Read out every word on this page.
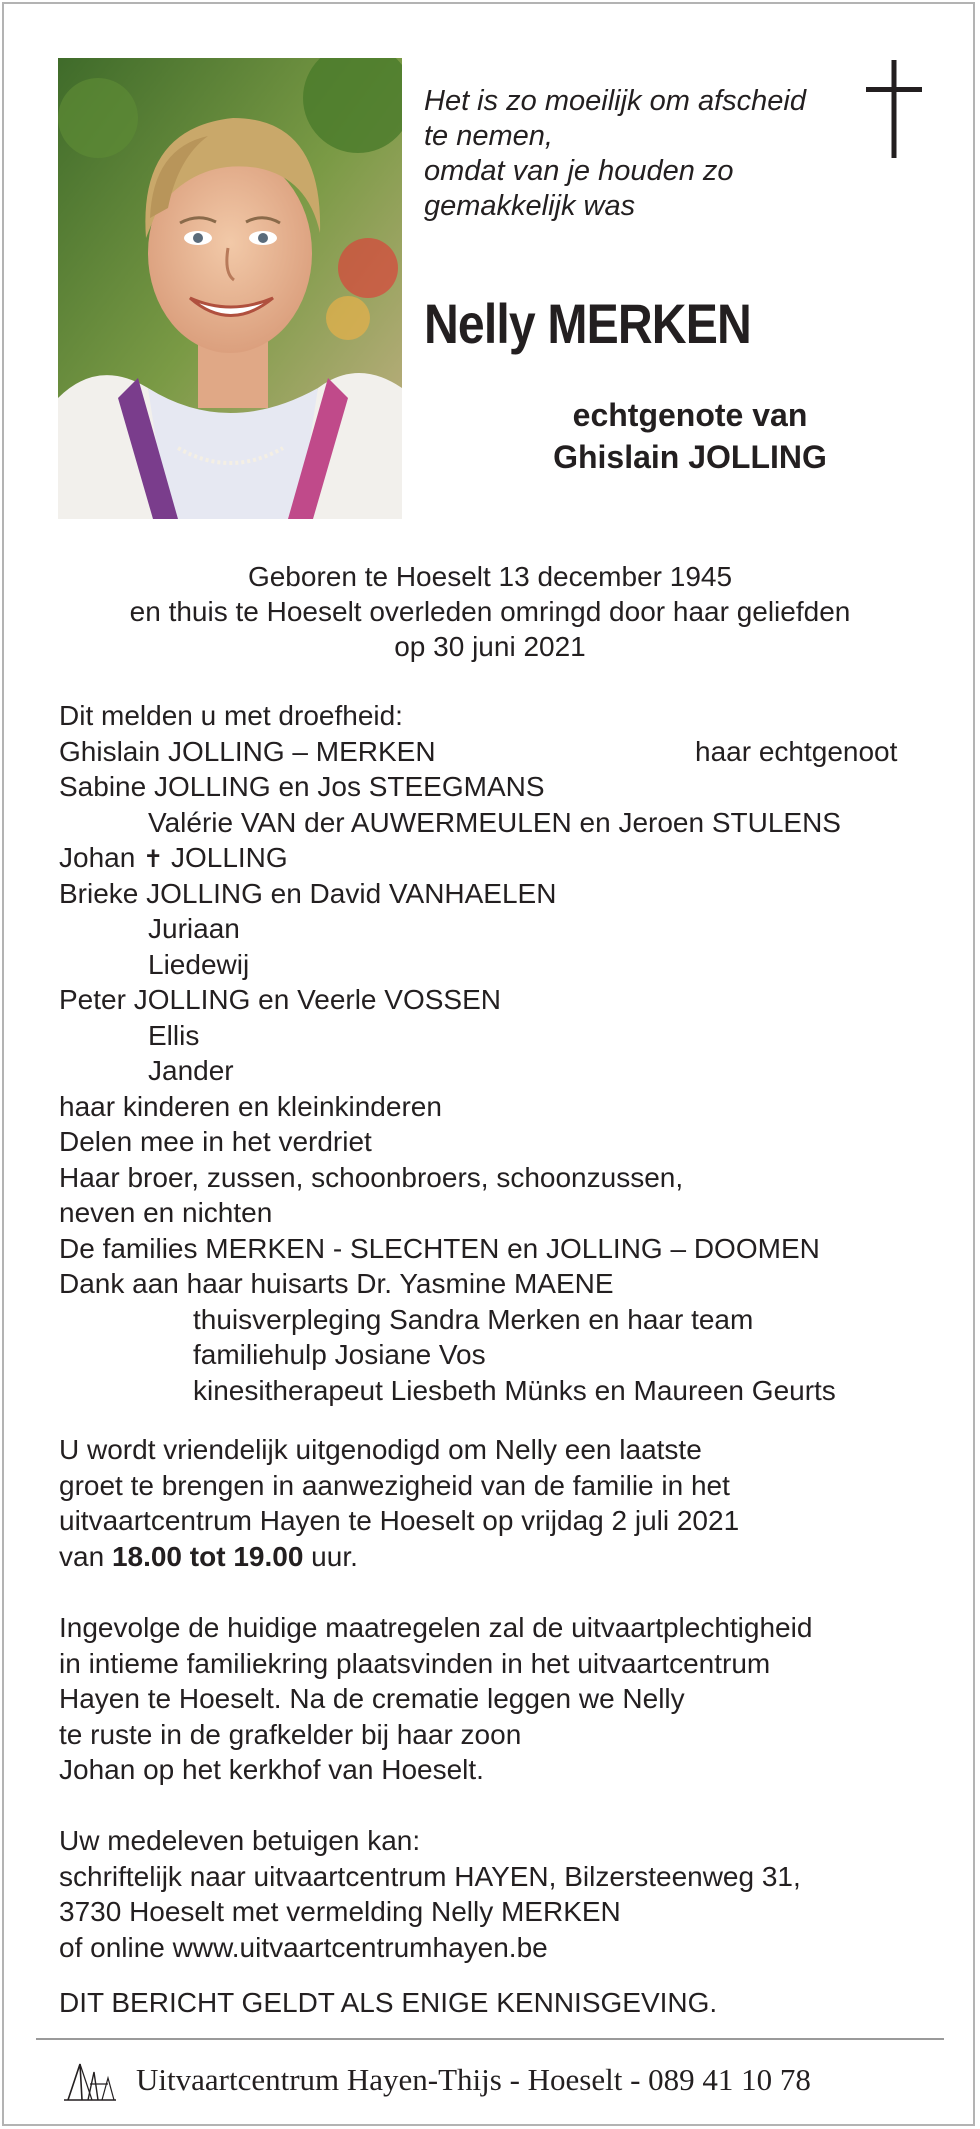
Het is zo moeilijk om afscheid
te nemen,
omdat van je houden zo
gemakkelijk was
Nelly MERKEN
echtgenote van
Ghislain JOLLING
Geboren te Hoeselt 13 december 1945
en thuis te Hoeselt overleden omringd door haar geliefden
op 30 juni 2021
Dit melden u met droefheid:
Ghislain JOLLING – MERKEN	haar echtgenoot
Sabine JOLLING en Jos STEEGMANS
Valérie VAN der AUWERMEULEN en Jeroen STULENS
Johan ✝ JOLLING
Brieke JOLLING en David VANHAELEN
Juriaan
Liedewij
Peter JOLLING en Veerle VOSSEN
Ellis
Jander
haar kinderen en kleinkinderen
Delen mee in het verdriet
Haar broer, zussen, schoonbroers, schoonzussen,
neven en nichten
De families MERKEN - SLECHTEN en JOLLING – DOOMEN
Dank aan haar huisarts Dr. Yasmine MAENE
thuisverpleging Sandra Merken en haar team
familiehulp Josiane Vos
kinesitherapeut Liesbeth Münks en Maureen Geurts
U wordt vriendelijk uitgenodigd om Nelly een laatste
groet te brengen in aanwezigheid van de familie in het
uitvaartcentrum Hayen te Hoeselt op vrijdag 2 juli 2021
van 18.00 tot 19.00 uur.
Ingevolge de huidige maatregelen zal de uitvaartplechtigheid
in intieme familiekring plaatsvinden in het uitvaartcentrum
Hayen te Hoeselt. Na de crematie leggen we Nelly
te ruste in de grafkelder bij haar zoon
Johan op het kerkhof van Hoeselt.
Uw medeleven betuigen kan:
schriftelijk naar uitvaartcentrum HAYEN, Bilzersteenweg 31,
3730 Hoeselt met vermelding Nelly MERKEN
of online www.uitvaartcentrumhayen.be
DIT BERICHT GELDT ALS ENIGE KENNISGEVING.
Uitvaartcentrum Hayen-Thijs - Hoeselt - 089 41 10 78
